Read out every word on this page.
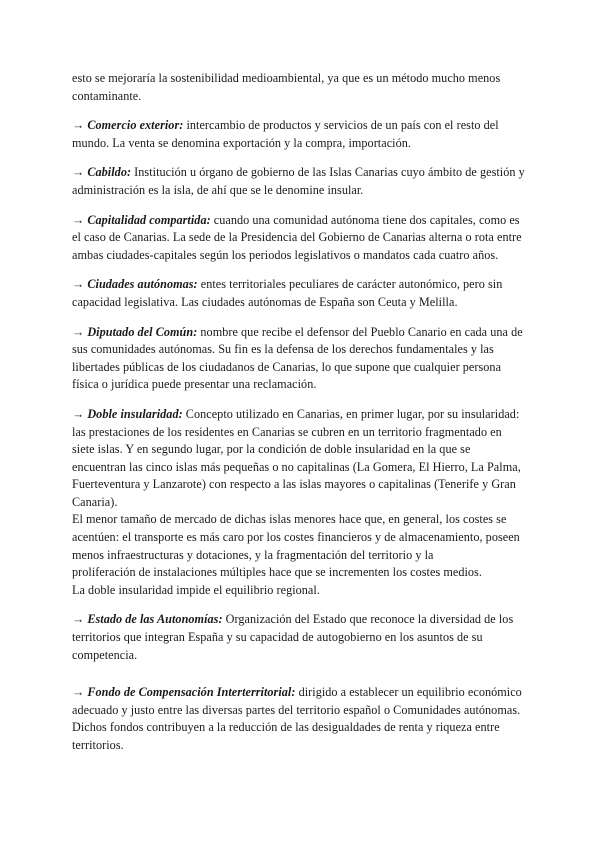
esto se mejoraría la sostenibilidad medioambiental, ya que es un método mucho menos contaminante.

→ Comercio exterior: intercambio de productos y servicios de un país con el resto del mundo. La venta se denomina exportación y la compra, importación.

→ Cabildo: Institución u órgano de gobierno de las Islas Canarias cuyo ámbito de gestión y administración es la isla, de ahí que se le denomine insular.

→ Capitalidad compartida: cuando una comunidad autónoma tiene dos capitales, como es el caso de Canarias. La sede de la Presidencia del Gobierno de Canarias alterna o rota entre ambas ciudades-capitales según los periodos legislativos o mandatos cada cuatro años.

→ Ciudades autónomas: entes territoriales peculiares de carácter autonómico, pero sin capacidad legislativa. Las ciudades autónomas de España son Ceuta y Melilla.

→ Diputado del Común: nombre que recibe el defensor del Pueblo Canario en cada una de sus comunidades autónomas. Su fin es la defensa de los derechos fundamentales y las libertades públicas de los ciudadanos de Canarias, lo que supone que cualquier persona física o jurídica puede presentar una reclamación.

→ Doble insularidad: Concepto utilizado en Canarias, en primer lugar, por su insularidad: las prestaciones de los residentes en Canarias se cubren en un territorio fragmentado en siete islas. Y en segundo lugar, por la condición de doble insularidad en la que se encuentran las cinco islas más pequeñas o no capitalinas (La Gomera, El Hierro, La Palma, Fuerteventura y Lanzarote) con respecto a las islas mayores o capitalinas (Tenerife y Gran Canaria).
El menor tamaño de mercado de dichas islas menores hace que, en general, los costes se acentúen: el transporte es más caro por los costes financieros y de almacenamiento, poseen menos infraestructuras y dotaciones, y la fragmentación del territorio y la
proliferación de instalaciones múltiples hace que se incrementen los costes medios.
La doble insularidad impide el equilibrio regional.

→ Estado de las Autonomías: Organización del Estado que reconoce la diversidad de los territorios que integran España y su capacidad de autogobierno en los asuntos de su competencia.

→ Fondo de Compensación Interterritorial: dirigido a establecer un equilibrio económico adecuado y justo entre las diversas partes del territorio español o Comunidades autónomas. Dichos fondos contribuyen a la reducción de las desigualdades de renta y riqueza entre territorios.
